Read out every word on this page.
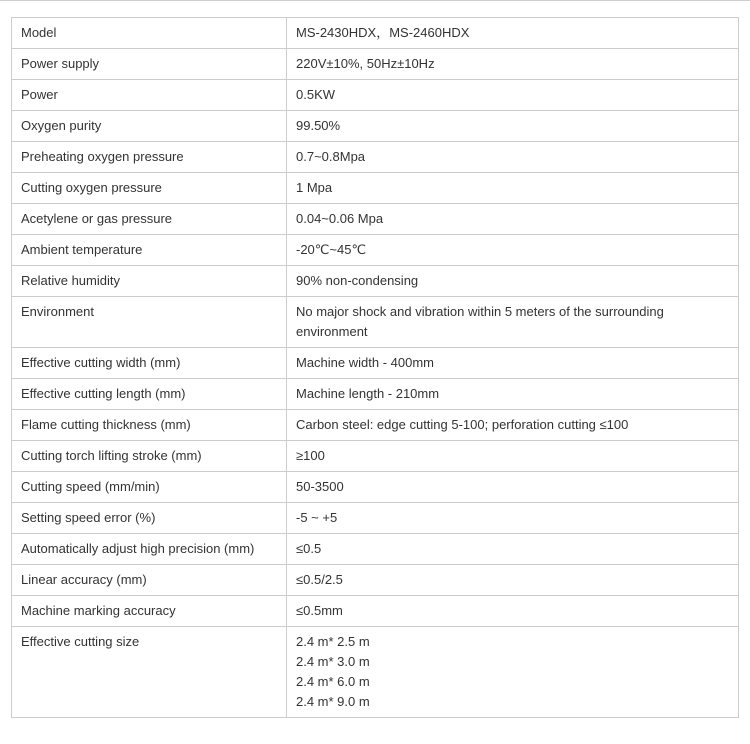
Model	MS-2430HDX，MS-2460HDX
Power supply	220V±10%, 50Hz±10Hz
Power	0.5KW
Oxygen purity	99.50%
Preheating oxygen pressure	0.7~0.8Mpa
Cutting oxygen pressure	1 Mpa
Acetylene or gas pressure	0.04~0.06 Mpa
Ambient temperature	-20℃~45℃
Relative humidity	90% non-condensing
Environment	No major shock and vibration within 5 meters of the surrounding environment
Effective cutting width (mm)	Machine width - 400mm
Effective cutting length (mm)	Machine length - 210mm
Flame cutting thickness (mm)	Carbon steel: edge cutting 5-100; perforation cutting ≤100
Cutting torch lifting stroke (mm)	≥100
Cutting speed (mm/min)	50-3500
Setting speed error (%)	-5 ~ +5
Automatically adjust high precision (mm)	≤0.5
Linear accuracy (mm)	≤0.5/2.5
Machine marking accuracy	≤0.5mm
Effective cutting size	2.4 m* 2.5 m
2.4 m* 3.0 m
2.4 m* 6.0 m
2.4 m* 9.0 m
